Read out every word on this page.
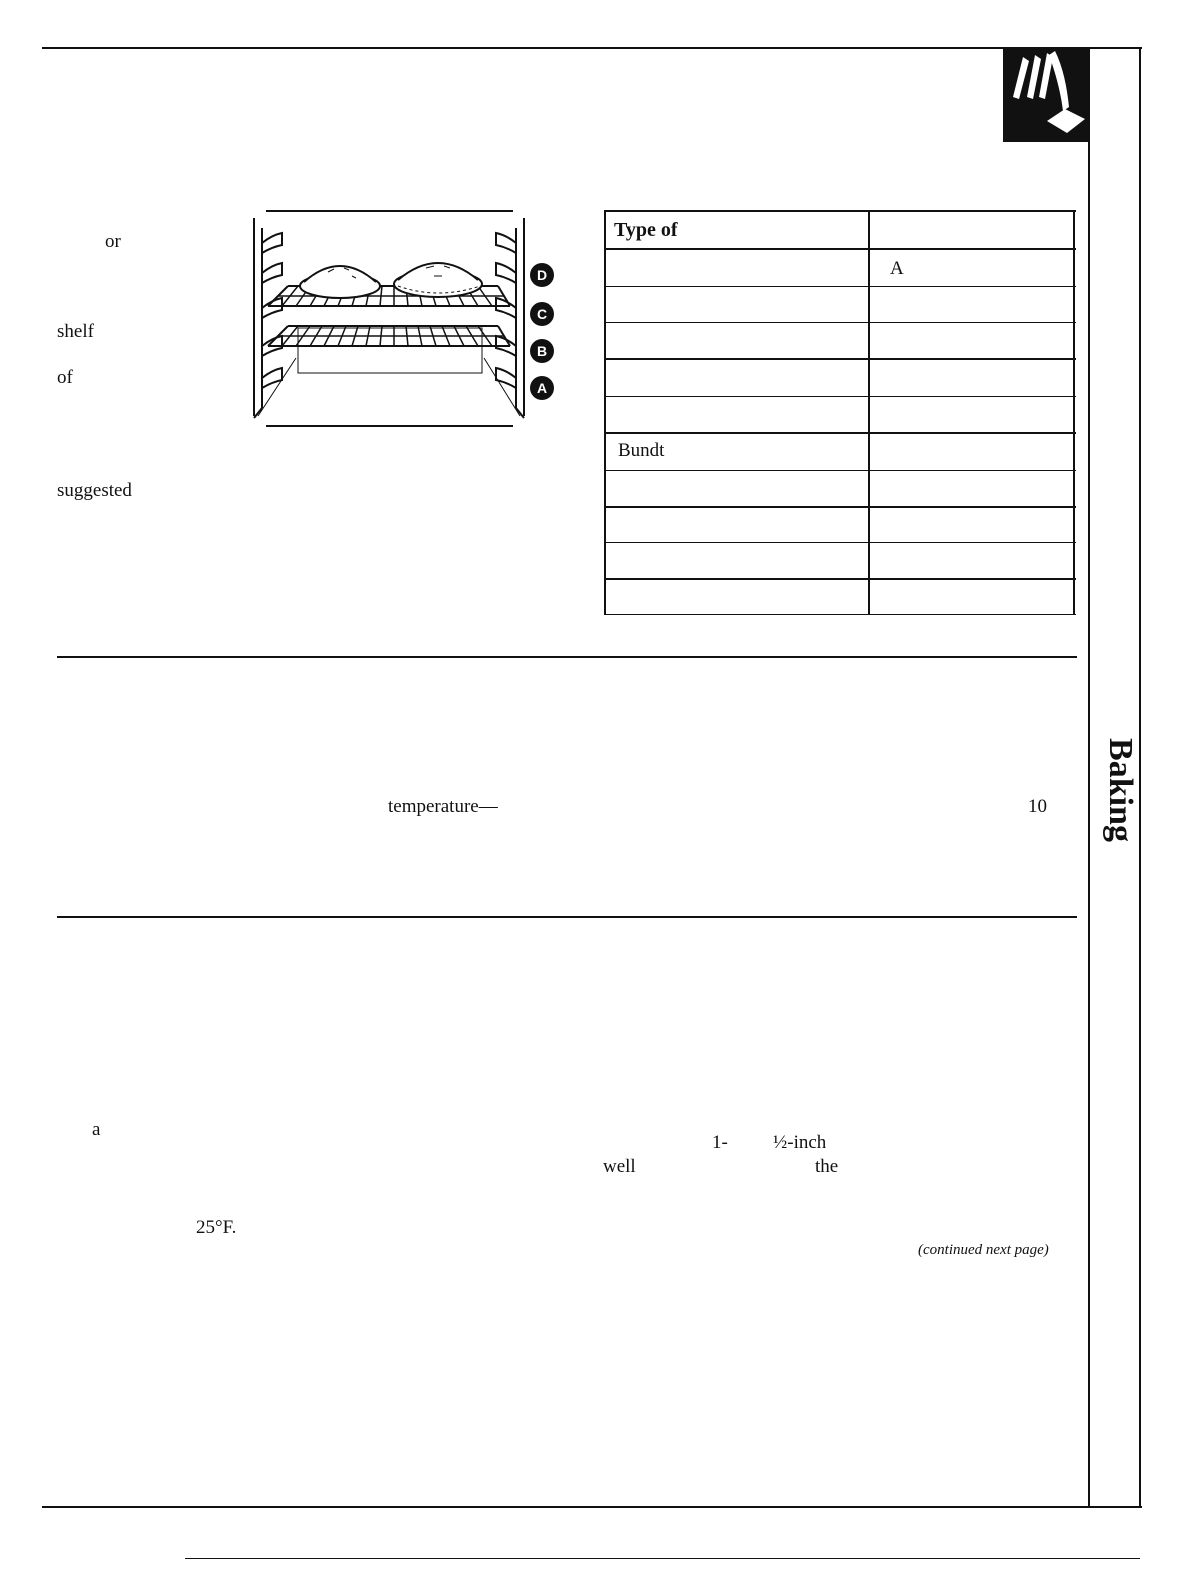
Baking
or
shelf
of
suggested
D
C
B
A
Type of
A
Bundt
temperature—	10
a
1- ½-inch
well	the
25°F.
(continued next page)
